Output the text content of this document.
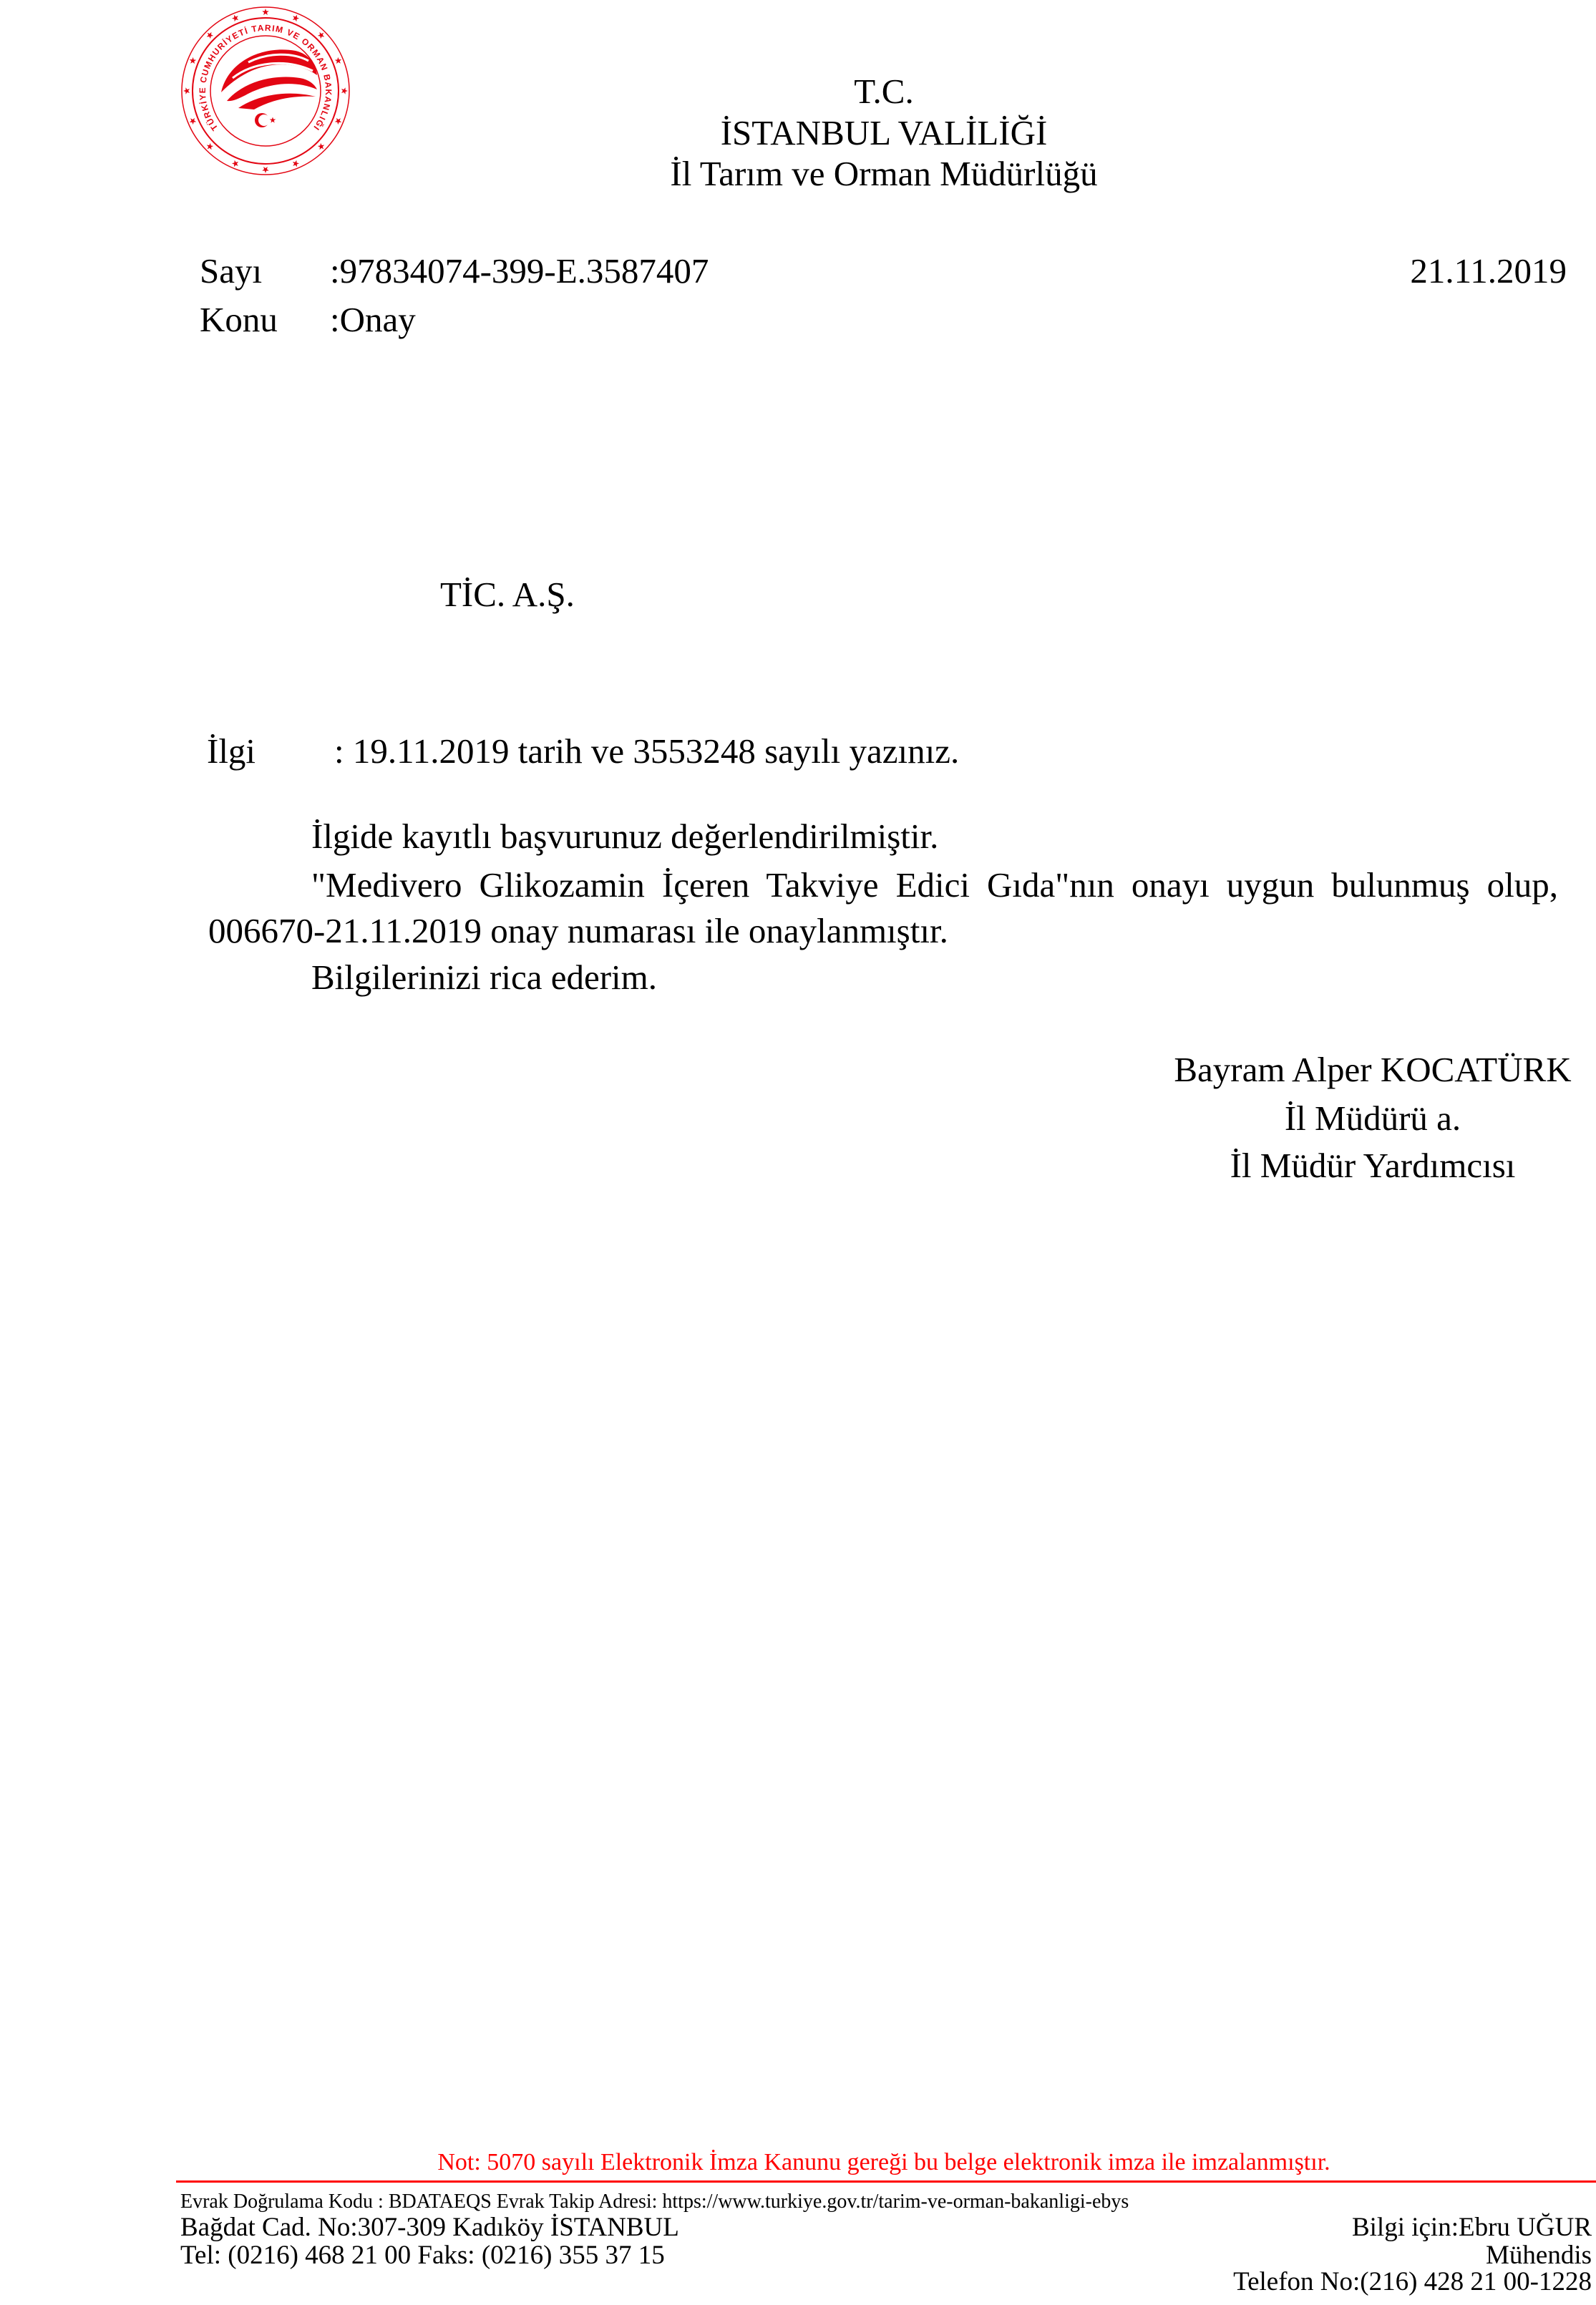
TÜRKİYE CUMHURİYETİ TARIM VE ORMAN BAKANLIĞI
T.C.
İSTANBUL VALİLİĞİ
İl Tarım ve Orman Müdürlüğü
Sayı :97834074-399-E.3587407	21.11.2019
Konu :Onay
TİC. A.Ş.
İlgi : 19.11.2019 tarih ve 3553248 sayılı yazınız.
İlgide kayıtlı başvurunuz değerlendirilmiştir.

"Medivero Glikozamin İçeren Takviye Edici Gıda"nın onayı uygun bulunmuş olup,

006670-21.11.2019 onay numarası ile onaylanmıştır.
Bilgilerinizi rica ederim.
Bayram Alper KOCATÜRK
İl Müdürü a.
İl Müdür Yardımcısı
Not: 5070 sayılı Elektronik İmza Kanunu gereği bu belge elektronik imza ile imzalanmıştır.
Evrak Doğrulama Kodu : BDATAEQS Evrak Takip Adresi: https://www.turkiye.gov.tr/tarim-ve-orman-bakanligi-ebys
Bağdat Cad. No:307-309 Kadıköy İSTANBUL	Bilgi için:Ebru UĞUR
Tel: (0216) 468 21 00 Faks: (0216) 355 37 15	Mühendis
Telefon No:(216) 428 21 00-1228
